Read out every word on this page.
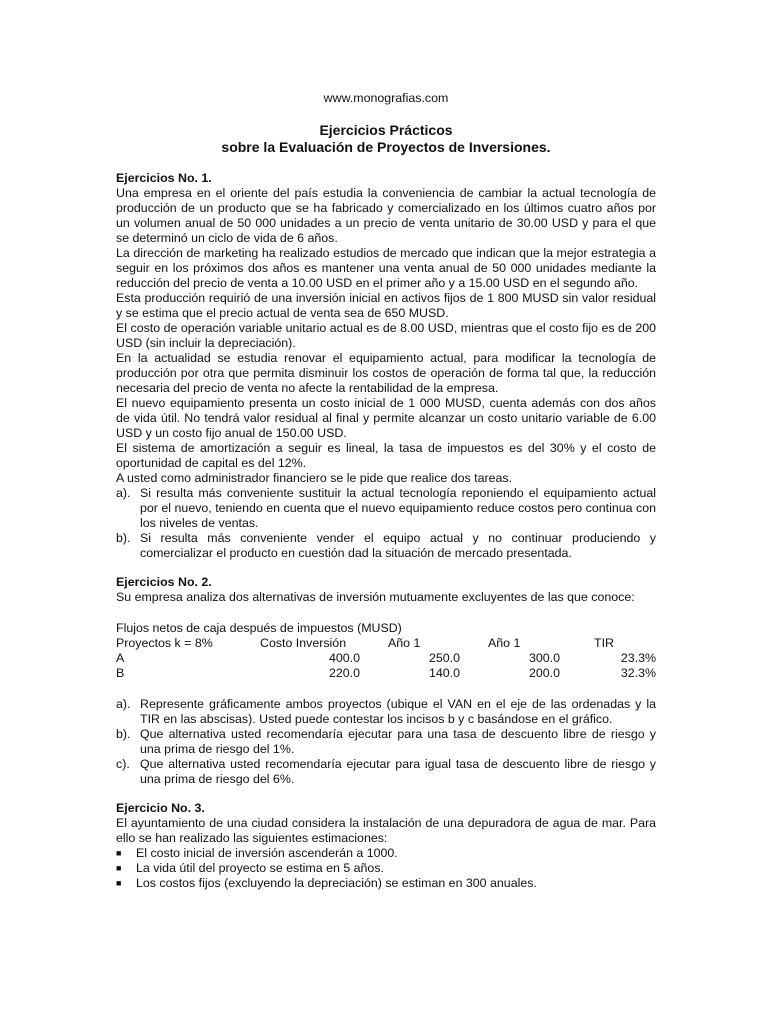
www.monografias.com
Ejercicios Prácticos
sobre la Evaluación de Proyectos de Inversiones.
Ejercicios No. 1.

Una empresa en el oriente del país estudia la conveniencia de cambiar la actual tecnología de producción de un producto que se ha fabricado y comercializado en los últimos cuatro años por un volumen anual de 50 000 unidades a un precio de venta unitario de 30.00 USD y para el que se determinó un ciclo de vida de 6 años.

La dirección de marketing ha realizado estudios de mercado que indican que la mejor estrategia a seguir en los próximos dos años es mantener una venta anual de 50 000 unidades mediante la reducción del precio de venta a 10.00 USD en el primer año y a 15.00 USD en el segundo año.

Esta producción requirió de una inversión inicial en activos fijos de 1 800 MUSD sin valor residual y se estima que el precio actual de venta sea de 650 MUSD.

El costo de operación variable unitario actual es de 8.00 USD, mientras que el costo fijo es de 200 USD (sin incluir la depreciación).

En la actualidad se estudia renovar el equipamiento actual, para modificar la tecnología de producción por otra que permita disminuir los costos de operación de forma tal que, la reducción necesaria del precio de venta no afecte la rentabilidad de la empresa.

El nuevo equipamiento presenta un costo inicial de 1 000 MUSD, cuenta además con dos años de vida útil. No tendrá valor residual al final y permite alcanzar un costo unitario variable de 6.00 USD y un costo fijo anual de 150.00 USD.

El sistema de amortización a seguir es lineal, la tasa de impuestos es del 30% y el costo de oportunidad de capital es del 12%.

A usted como administrador financiero se le pide que realice dos tareas.

a). Si resulta más conveniente sustituir la actual tecnología reponiendo el equipamiento actual por el nuevo, teniendo en cuenta que el nuevo equipamiento reduce costos pero continua con los niveles de ventas.
b). Si resulta más conveniente vender el equipo actual y no continuar produciendo y comercializar el producto en cuestión dad la situación de mercado presentada.
Ejercicios No. 2.

Su empresa analiza dos alternativas de inversión mutuamente excluyentes de las que conoce:

Flujos netos de caja después de impuestos (MUSD)				
Proyectos k = 8%	Costo Inversión	Año 1	Año 1	TIR
A	400.0	250.0	300.0	23.3%
B	220.0	140.0	200.0	32.3%
a). Represente gráficamente ambos proyectos (ubique el VAN en el eje de las ordenadas y la TIR en las abscisas). Usted puede contestar los incisos b y c basándose en el gráfico.
b). Que alternativa usted recomendaría ejecutar para una tasa de descuento libre de riesgo y una prima de riesgo del 1%.
c). Que alternativa usted recomendaría ejecutar para igual tasa de descuento libre de riesgo y una prima de riesgo del 6%.
Ejercicio No. 3.

El ayuntamiento de una ciudad considera la instalación de una depuradora de agua de mar. Para ello se han realizado las siguientes estimaciones:

■	El costo inicial de inversión ascenderán a 1000.
■	La vida útil del proyecto se estima en 5 años.
■	Los costos fijos (excluyendo la depreciación) se estiman en 300 anuales.
